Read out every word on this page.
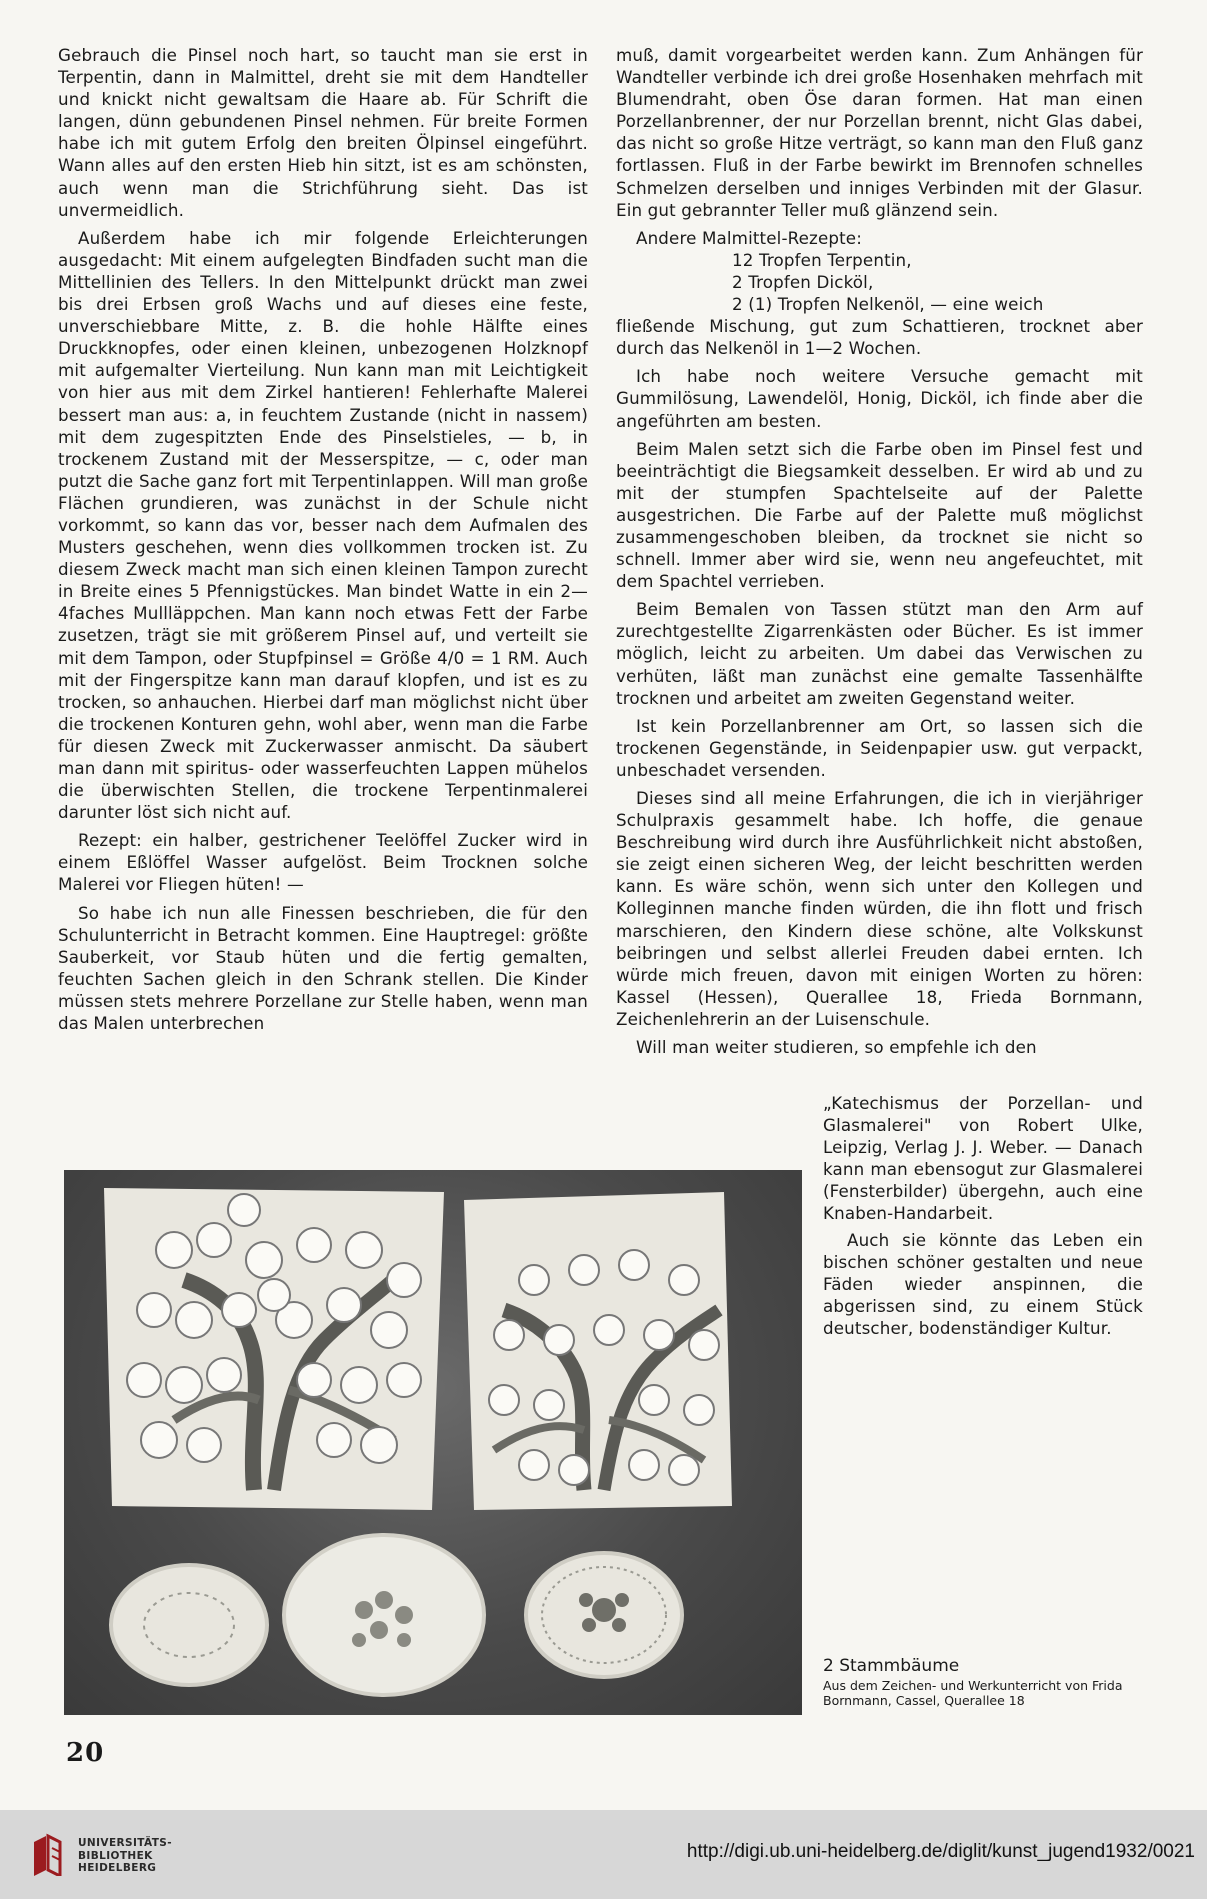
Gebrauch die Pinsel noch hart, so taucht man sie erst in Terpentin, dann in Malmittel, dreht sie mit dem Handteller und knickt nicht gewaltsam die Haare ab. Für Schrift die langen, dünn gebundenen Pinsel nehmen. Für breite Formen habe ich mit gutem Erfolg den breiten Ölpinsel eingeführt. Wann alles auf den ersten Hieb hin sitzt, ist es am schönsten, auch wenn man die Strichführung sieht. Das ist unvermeidlich.

Außerdem habe ich mir folgende Erleichterungen ausgedacht: Mit einem aufgelegten Bindfaden sucht man die Mittellinien des Tellers. In den Mittelpunkt drückt man zwei bis drei Erbsen groß Wachs und auf dieses eine feste, unverschiebbare Mitte, z. B. die hohle Hälfte eines Druckknopfes, oder einen kleinen, unbezogenen Holzknopf mit aufgemalter Vierteilung. Nun kann man mit Leichtigkeit von hier aus mit dem Zirkel hantieren! Fehlerhafte Malerei bessert man aus: a, in feuchtem Zustande (nicht in nassem) mit dem zugespitzten Ende des Pinselstieles, — b, in trockenem Zustand mit der Messerspitze, — c, oder man putzt die Sache ganz fort mit Terpentinlappen. Will man große Flächen grundieren, was zunächst in der Schule nicht vorkommt, so kann das vor, besser nach dem Aufmalen des Musters geschehen, wenn dies vollkommen trocken ist. Zu diesem Zweck macht man sich einen kleinen Tampon zurecht in Breite eines 5 Pfennigstückes. Man bindet Watte in ein 2—4faches Mullläppchen. Man kann noch etwas Fett der Farbe zusetzen, trägt sie mit größerem Pinsel auf, und verteilt sie mit dem Tampon, oder Stupfpinsel = Größe 4/0 = 1 RM. Auch mit der Fingerspitze kann man darauf klopfen, und ist es zu trocken, so anhauchen. Hierbei darf man möglichst nicht über die trockenen Konturen gehn, wohl aber, wenn man die Farbe für diesen Zweck mit Zuckerwasser anmischt. Da säubert man dann mit spiritus- oder wasserfeuchten Lappen mühelos die überwischten Stellen, die trockene Terpentinmalerei darunter löst sich nicht auf.

Rezept: ein halber, gestrichener Teelöffel Zucker wird in einem Eßlöffel Wasser aufgelöst. Beim Trocknen solche Malerei vor Fliegen hüten! —

So habe ich nun alle Finessen beschrieben, die für den Schulunterricht in Betracht kommen. Eine Hauptregel: größte Sauberkeit, vor Staub hüten und die fertig gemalten, feuchten Sachen gleich in den Schrank stellen. Die Kinder müssen stets mehrere Porzellane zur Stelle haben, wenn man das Malen unterbrechen

muß, damit vorgearbeitet werden kann. Zum Anhängen für Wandteller verbinde ich drei große Hosenhaken mehrfach mit Blumendraht, oben Öse daran formen. Hat man einen Porzellanbrenner, der nur Porzellan brennt, nicht Glas dabei, das nicht so große Hitze verträgt, so kann man den Fluß ganz fortlassen. Fluß in der Farbe bewirkt im Brennofen schnelles Schmelzen derselben und inniges Verbinden mit der Glasur. Ein gut gebrannter Teller muß glänzend sein.

Andere Malmittel-Rezepte:

12 Tropfen Terpentin,
2 Tropfen Dicköl,
2 (1) Tropfen Nelkenöl, — eine weich
fließende Mischung, gut zum Schattieren, trocknet aber durch das Nelkenöl in 1—2 Wochen.

Ich habe noch weitere Versuche gemacht mit Gummilösung, Lawendelöl, Honig, Dicköl, ich finde aber die angeführten am besten.

Beim Malen setzt sich die Farbe oben im Pinsel fest und beeinträchtigt die Biegsamkeit desselben. Er wird ab und zu mit der stumpfen Spachtelseite auf der Palette ausgestrichen. Die Farbe auf der Palette muß möglichst zusammengeschoben bleiben, da trocknet sie nicht so schnell. Immer aber wird sie, wenn neu angefeuchtet, mit dem Spachtel verrieben.

Beim Bemalen von Tassen stützt man den Arm auf zurechtgestellte Zigarrenkästen oder Bücher. Es ist immer möglich, leicht zu arbeiten. Um dabei das Verwischen zu verhüten, läßt man zunächst eine gemalte Tassenhälfte trocknen und arbeitet am zweiten Gegenstand weiter.

Ist kein Porzellanbrenner am Ort, so lassen sich die trockenen Gegenstände, in Seidenpapier usw. gut verpackt, unbeschadet versenden.

Dieses sind all meine Erfahrungen, die ich in vierjähriger Schulpraxis gesammelt habe. Ich hoffe, die genaue Beschreibung wird durch ihre Ausführlichkeit nicht abstoßen, sie zeigt einen sicheren Weg, der leicht beschritten werden kann. Es wäre schön, wenn sich unter den Kollegen und Kolleginnen manche finden würden, die ihn flott und frisch marschieren, den Kindern diese schöne, alte Volkskunst beibringen und selbst allerlei Freuden dabei ernten. Ich würde mich freuen, davon mit einigen Worten zu hören: Kassel (Hessen), Querallee 18, Frieda Bornmann, Zeichenlehrerin an der Luisenschule.

Will man weiter studieren, so empfehle ich den

„Katechismus der Porzellan- und Glasmalerei" von Robert Ulke, Leipzig, Verlag J. J. Weber. — Danach kann man ebensogut zur Glasmalerei (Fensterbilder) übergehn, auch eine Knaben-Handarbeit.

Auch sie könnte das Leben ein bischen schöner gestalten und neue Fäden wieder anspinnen, die abgerissen sind, zu einem Stück deutscher, bodenständiger Kultur.

2 Stammbäume
Aus dem Zeichen- und Werkunterricht von Frida Bornmann, Cassel, Querallee 18
20
UNIVERSITÄTS-
BIBLIOTHEK
HEIDELBERG
http://digi.ub.uni-heidelberg.de/diglit/kunst_jugend1932/0021
